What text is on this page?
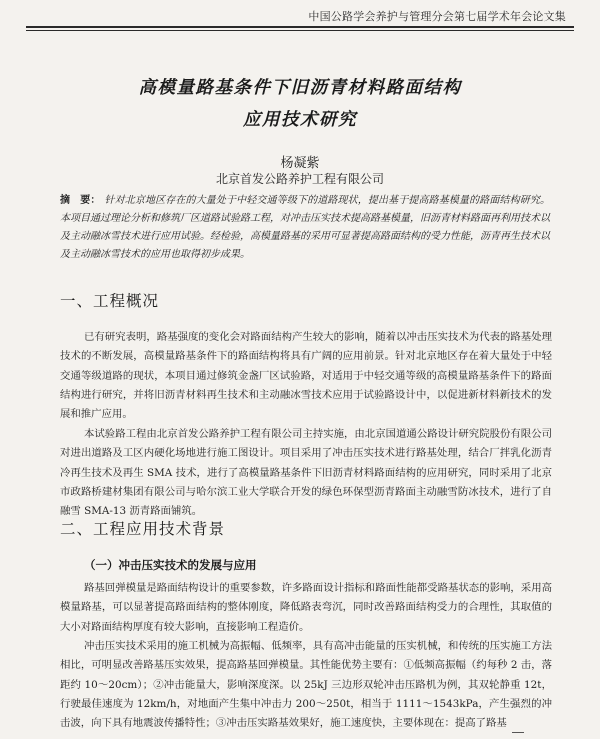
中国公路学会养护与管理分会第七届学术年会论文集
高模量路基条件下旧沥青材料路面结构
应用技术研究
杨凝紫
北京首发公路养护工程有限公司
摘　要： 针对北京地区存在的大量处于中轻交通等级下的道路现状，提出基于提高路基模量的路面结构研究。本项目通过理论分析和修筑厂区道路试验路工程，对冲击压实技术提高路基模量，旧沥青材料路面再利用技术以及主动融冰雪技术进行应用试验。经检验，高模量路基的采用可显著提高路面结构的受力性能，沥青再生技术以及主动融冰雪技术的应用也取得初步成果。
一、工程概况

已有研究表明，路基强度的变化会对路面结构产生较大的影响，随着以冲击压实技术为代表的路基处理技术的不断发展，高模量路基条件下的路面结构将具有广阔的应用前景。针对北京地区存在着大量处于中轻交通等级道路的现状，本项目通过修筑金盏厂区试验路，对适用于中轻交通等级的高模量路基条件下的路面结构进行研究，并将旧沥青材料再生技术和主动融冰雪技术应用于试验路设计中，以促进新材料新技术的发展和推广应用。

本试验路工程由北京首发公路养护工程有限公司主持实施，由北京国道通公路设计研究院股份有限公司对进出道路及工区内硬化场地进行施工图设计。项目采用了冲击压实技术进行路基处理，结合厂拌乳化沥青冷再生技术及再生 SMA 技术，进行了高模量路基条件下旧沥青材料路面结构的应用研究，同时采用了北京市政路桥建材集团有限公司与哈尔滨工业大学联合开发的绿色环保型沥青路面主动融雪防冰技术，进行了自融雪 SMA-13 沥青路面铺筑。

二、工程应用技术背景
（一）冲击压实技术的发展与应用

路基回弹模量是路面结构设计的重要参数，许多路面设计指标和路面性能都受路基状态的影响，采用高模量路基，可以显著提高路面结构的整体刚度，降低路表弯沉，同时改善路面结构受力的合理性，其取值的大小对路面结构厚度有较大影响，直接影响工程造价。

冲击压实技术采用的施工机械为高振幅、低频率，具有高冲击能量的压实机械，和传统的压实施工方法相比，可明显改善路基压实效果，提高路基回弹模量。其性能优势主要有：①低频高振幅（约每秒 2 击，落距约 10～20cm）；②冲击能量大，影响深度深。以 25kJ 三边形双轮冲击压路机为例，其双轮静重 12t，行驶最佳速度为 12km/h，对地面产生集中冲击力 200～250t，相当于 1111～1543kPa，产生强烈的冲击波，向下具有地震波传播特性；③冲击压实路基效果好，施工速度快，主要体现在：提高了路基
